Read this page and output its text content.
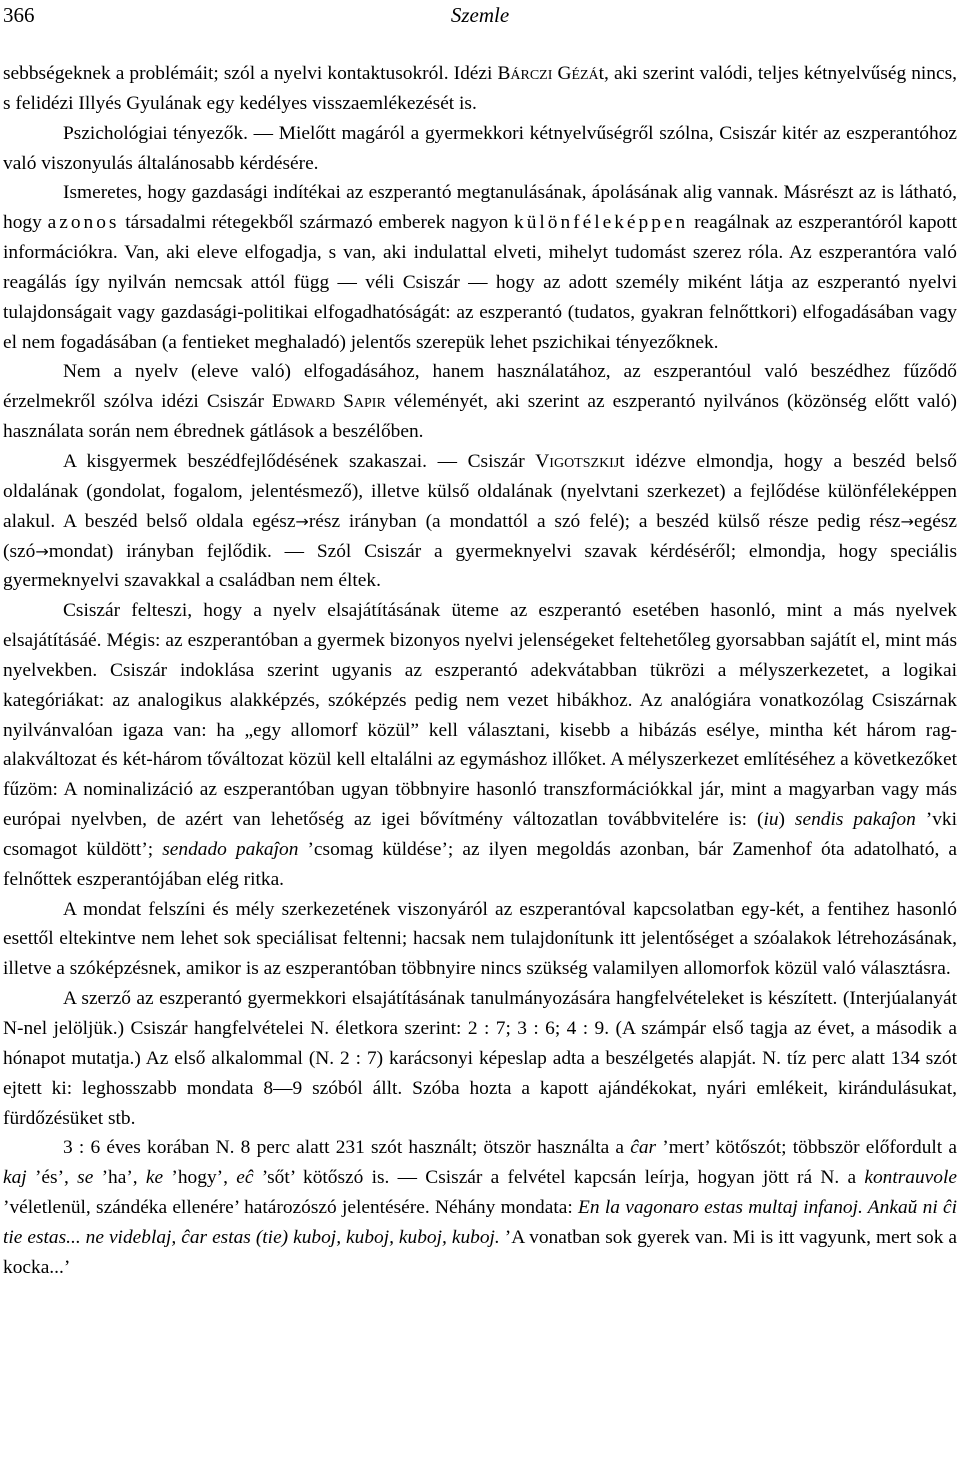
366	Szemle

sebbségeknek a problémáit; szól a nyelvi kontaktusokról. Idézi Bárczi Gézát, aki szerint valódi, teljes kétnyelvűség nincs, s felidézi Illyés Gyulának egy kedélyes visszaemlékezését is.

Pszichológiai tényezők. — Mielőtt magáról a gyermekkori kétnyelvűségről szólna, Csiszár kitér az eszperantóhoz való viszonyulás általánosabb kérdésére.

Ismeretes, hogy gazdasági indítékai az eszperantó megtanulásának, ápolásának alig vannak. Másrészt az is látható, hogy azonos társadalmi rétegekből származó emberek nagyon különféleképpen reagálnak az eszperantóról kapott információkra. Van, aki eleve elfogadja, s van, aki indulattal elveti, mihelyt tudomást szerez róla. Az eszperantóra való reagálás így nyilván nemcsak attól függ — véli Csiszár — hogy az adott személy miként látja az eszperantó nyelvi tulajdonságait vagy gazdasági-politikai elfogadhatóságát: az eszperantó (tudatos, gyakran felnőttkori) elfogadásában vagy el nem fogadásában (a fentieket meghaladó) jelentős szerepük lehet pszichikai tényezőknek.

Nem a nyelv (eleve való) elfogadásához, hanem használatához, az eszperantóul való beszédhez fűződő érzelmekről szólva idézi Csiszár Edward Sapir véleményét, aki szerint az eszperantó nyilvános (közönség előtt való) használata során nem ébrednek gátlások a beszélőben.

A kisgyermek beszédfejlődésének szakaszai. — Csiszár Vigotszkijt idézve elmondja, hogy a beszéd belső oldalának (gondolat, fogalom, jelentésmező), illetve külső oldalának (nyelvtani szerkezet) a fejlődése különféleképpen alakul. A beszéd belső oldala egész→rész irányban (a mondattól a szó felé); a beszéd külső része pedig rész→egész (szó→mondat) irányban fejlődik. — Szól Csiszár a gyermeknyelvi szavak kérdéséről; elmondja, hogy speciális gyermeknyelvi szavakkal a családban nem éltek.

Csiszár felteszi, hogy a nyelv elsajátításának üteme az eszperantó esetében hasonló, mint a más nyelvek elsajátításáé. Mégis: az eszperantóban a gyermek bizonyos nyelvi jelenségeket feltehetőleg gyorsabban sajátít el, mint más nyelvekben. Csiszár indoklása szerint ugyanis az eszperantó adekvátabban tükrözi a mélyszerkezetet, a logikai kategóriákat: az analogikus alakképzés, szóképzés pedig nem vezet hibákhoz. Az analógiára vonatkozólag Csiszárnak nyilvánvalóan igaza van: ha „egy allomorf közül” kell választani, kisebb a hibázás esélye, mintha két három rag-alakváltozat és két-három tőváltozat közül kell eltalálni az egymáshoz illőket. A mélyszerkezet említéséhez a következőket fűzöm: A nominalizáció az eszperantóban ugyan többnyire hasonló transzformációkkal jár, mint a magyarban vagy más európai nyelvben, de azért van lehetőség az igei bővítmény változatlan továbbvitelére is: (iu) sendis pakaĵon ’vki csomagot küldött’; sendado pakaĵon ’csomag küldése’; az ilyen megoldás azonban, bár Zamenhof óta adatolható, a felnőttek eszperantójában elég ritka.

A mondat felszíni és mély szerkezetének viszonyáról az eszperantóval kapcsolatban egy-két, a fentihez hasonló esettől eltekintve nem lehet sok speciálisat feltenni; hacsak nem tulajdonítunk itt jelentőséget a szóalakok létrehozásának, illetve a szóképzésnek, amikor is az eszperantóban többnyire nincs szükség valamilyen allomorfok közül való választásra.

A szerző az eszperantó gyermekkori elsajátításának tanulmányozására hangfelvételeket is készített. (Interjúalanyát N-nel jelöljük.) Csiszár hangfelvételei N. életkora szerint: 2 : 7; 3 : 6; 4 : 9. (A számpár első tagja az évet, a második a hónapot mutatja.) Az első alkalommal (N. 2 : 7) karácsonyi képeslap adta a beszélgetés alapját. N. tíz perc alatt 134 szót ejtett ki: leghosszabb mondata 8—9 szóból állt. Szóba hozta a kapott ajándékokat, nyári emlékeit, kirándulásukat, fürdőzésüket stb.

3 : 6 éves korában N. 8 perc alatt 231 szót használt; ötször használta a ĉar ’mert’ kötőszót; többször előfordult a kaj ’és’, se ’ha’, ke ’hogy’, eĉ ’sőt’ kötőszó is. — Csiszár a felvétel kapcsán leírja, hogyan jött rá N. a kontrauvole ’véletlenül, szándéka ellenére’ határozószó jelentésére. Néhány mondata: En la vagonaro estas multaj infanoj. Ankaŭ ni ĉi tie estas... ne videblaj, ĉar estas (tie) kuboj, kuboj, kuboj, kuboj. ’A vonatban sok gyerek van. Mi is itt vagyunk, mert sok a kocka...’
